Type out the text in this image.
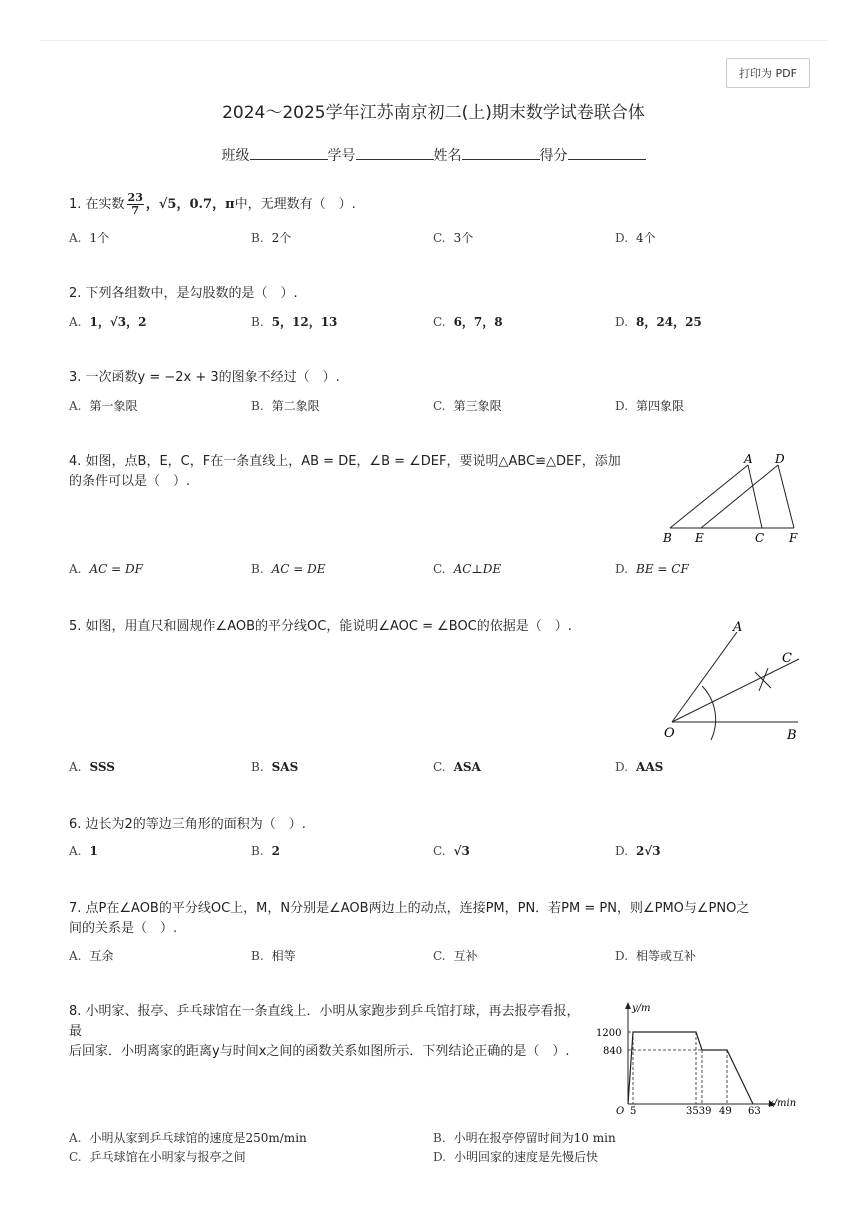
打印为 PDF
2024～2025学年江苏南京初二(上)期末数学试卷联合体
班级	学号	姓名	得分
1. 在实数 $\frac{23}{7}$ ，√5，0.7，π中，无理数有（　）.
A. 1个	B. 2个	C. 3个	D. 4个
2. 下列各组数中，是勾股数的是（　）.
A. 1，√3，2	B. 5，12，13	C. 6，7，8	D. 8，24，25
3. 一次函数y = −2x + 3的图象不经过（　）.
A. 第一象限	B. 第二象限	C. 第三象限	D. 第四象限
4. 如图，点B，E，C，F在一条直线上，AB = DE，∠B = ∠DEF，要说明△ABC≌△DEF，添加
的条件可以是（　）.
A D
B E	C F
A. AC = DF	B. AC = DE	C. AC⊥DE	D. BE = CF
5. 如图，用直尺和圆规作∠AOB的平分线OC，能说明∠AOC = ∠BOC的依据是（　）.	A
C
O	B
A. SSS	B. SAS	C. ASA	D. AAS
6. 边长为2的等边三角形的面积为（　）.
A. 1	B. 2	C. √3	D. 2√3
7. 点P在∠AOB的平分线OC上，M，N分别是∠AOB两边上的动点，连接PM，PN．若PM = PN，则∠PMO与∠PNO之
间的关系是（　）.
A. 互余	B. 相等	C. 互补	D. 相等或互补
8. 小明家、报亭、乒乓球馆在一条直线上．小明从家跑步到乒乓馆打球，再去报亭看报，最
后回家．小明离家的距离y与时间x之间的函数关系如图所示．下列结论正确的是（　）.
y/m
1200
840
O 5	3539 49 63
x/min
A. 小明从家到乒乓球馆的速度是250m/min	B. 小明在报亭停留时间为10 min
C. 乒乓球馆在小明家与报亭之间	D. 小明回家的速度是先慢后快
